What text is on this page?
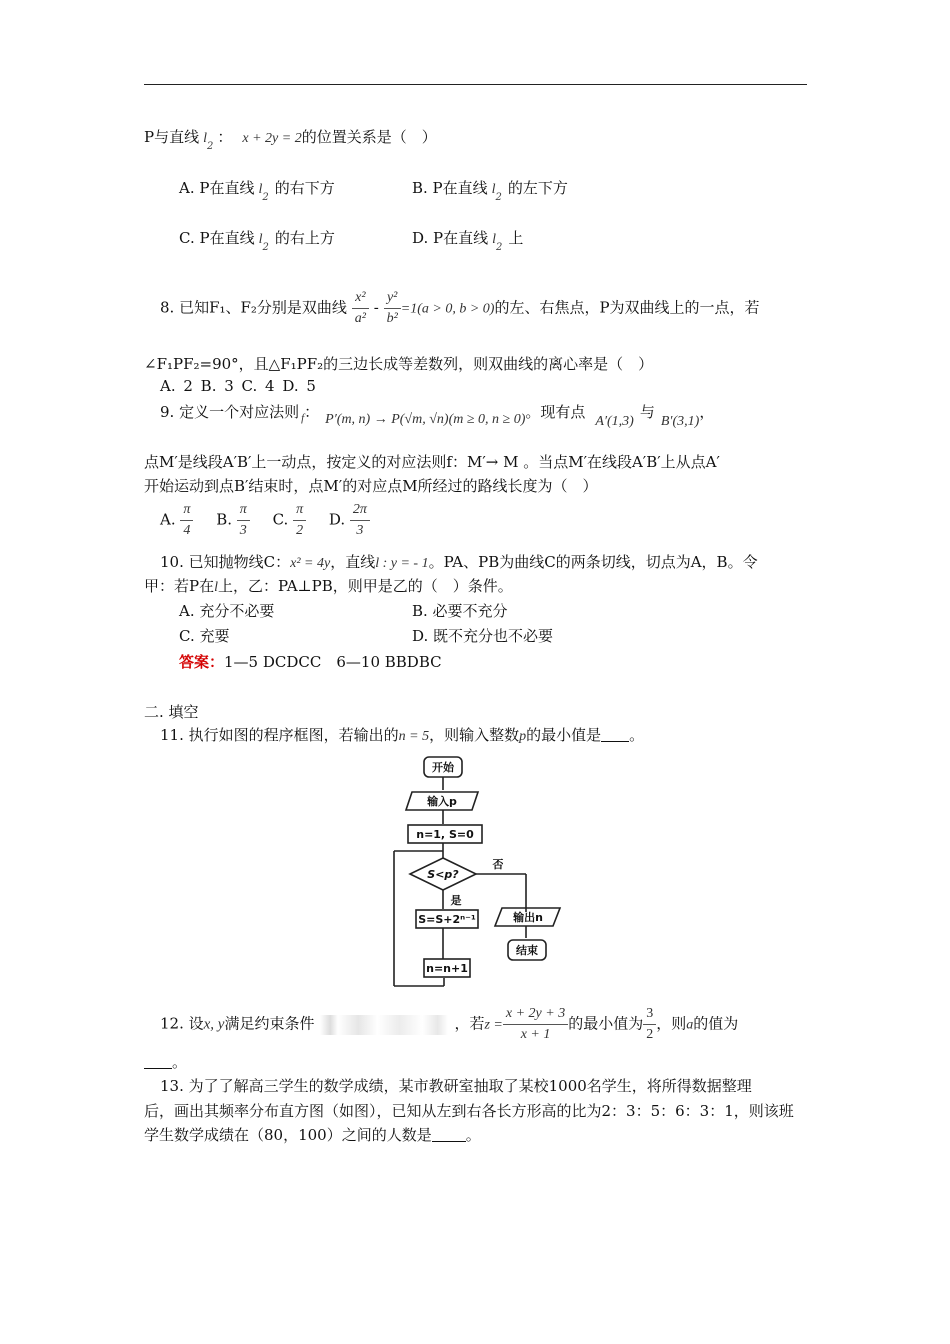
P与直线 $l_2$： x + 2y = 2的位置关系是（　）
A. P在直线 $l_2$的右下方	B. P在直线 $l_2$的左下方
C. P在直线 $l_2$的右上方	D. P在直线 $l_2$上
8. 已知F₁、F₂分别是双曲线 $\frac{\text{x²}}{\text{a²}} - \frac{\text{y²}}{\text{b²}} =1(a > 0$, b > 0)的左、右焦点，P为双曲线上的一点，若
∠F₁PF₂=90°，且△F₁PF₂的三边长成等差数列，则双曲线的离心率是（　）
A. 2 B. 3 C. 4 D. 5
9. 定义一个对应法则 $_f$： P′(m, n) → P(√m, √n)(m ≥ 0, n ≥ 0)。现有点A′(1,3)与B′(3,1)，
点M′是线段A′B′上一动点，按定义的对应法则f：M′→ M 。当点M′在线段A′B′上从点A′
开始运动到点B′结束时，点M′的对应点M所经过的路线长度为（　）
A. $\frac{\pi}{4} B$. $\frac{\pi}{3} C$. $\frac{\pi}{2} D$. $\frac{2\pi}{3}$
10. 已知抛物线C：x² = 4y，直线l : y = - 1。PA、PB为曲线C的两条切线，切点为A，B。令
甲：若P在l上，乙：PA⊥PB，则甲是乙的（　）条件。
A. 充分不必要	B. 必要不充分
C. 充要	D. 既不充分也不必要
答案：1—5 DCDCC　6—10 BBDBC
二. 填空
11. 执行如图的程序框图，若输出的n = 5，则输入整数p的最小值是 。
开始
输入p
n=1, S=0
S<p?
否
是
S=S+2ⁿ⁻¹	输出n
结束
n=n+1
12. 设x, y满足约束条件	，若$z = \frac{x + 2y + 3}{x + 1}$ 的最小值为 $\frac{3}{2}$ ，则a的值为
。
13. 为了了解高三学生的数学成绩，某市教研室抽取了某校1000名学生，将所得数据整理
后，画出其频率分布直方图（如图），已知从左到右各长方形高的比为2：3：5：6：3：1，则该班
学生数学成绩在（80，100）之间的人数是 。
